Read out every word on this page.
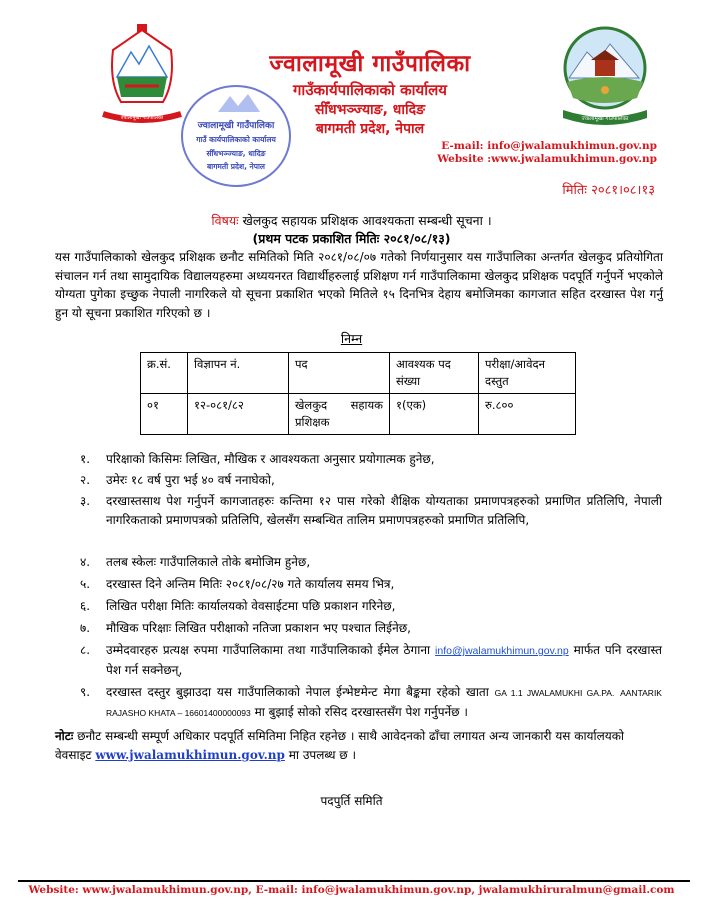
ज्वालामूखी गाउँपालिका
ज्वालामूखी गाउँपालिका
गाउँ कार्यपालिकाको कार्यालय
सीँधभञ्ज्याङ, धादिङ
बागमती प्रदेश, नेपाल
ज्वालामूखी गाउँपालिका
ज्वालामूखी गाउँपालिका
गाउँकार्यपालिकाको कार्यालय
सीँधभञ्ज्याङ, धादिङ
बागमती प्रदेश, नेपाल
E-mail: info@jwalamukhimun.gov.np
Website :www.jwalamukhimun.gov.np
मितिः २०८१।०८।१३
विषयः खेलकुद सहायक प्रशिक्षक आवश्यकता सम्बन्धी सूचना ।
(प्रथम पटक प्रकाशित मितिः २०८१/०८/१३)
यस गाउँपालिकाको खेलकुद प्रशिक्षक छनौट समितिको मिति २०८१/०८/०७ गतेको निर्णयानुसार यस गाउँपालिका अन्तर्गत खेलकुद प्रतियोगिता संचालन गर्न तथा सामुदायिक विद्यालयहरुमा अध्ययनरत विद्यार्थीहरुलाई प्रशिक्षण गर्न गाउँपालिकामा खेलकुद प्रशिक्षक पदपूर्ति गर्नुपर्ने भएकोले योग्यता पुगेका इच्छुक नेपाली नागरिकले यो सूचना प्रकाशित भएको मितिले १५ दिनभित्र देहाय बमोजिमका कागजात सहित दरखास्त पेश गर्नु हुन यो सूचना प्रकाशित गरिएको छ ।
निम्न
क्र.सं.	विज्ञापन नं.	पद	आवश्यक पद संख्या	परीक्षा/आवेदन दस्तुत
०१	१२-०८१/८२	खेलकुद सहायक प्रशिक्षक	१(एक)	रु.८००
१.	परिक्षाको किसिमः लिखित, मौखिक र आवश्यकता अनुसार प्रयोगात्मक हुनेछ,
२.	उमेरः १८ वर्ष पुरा भई ४० वर्ष ननाघेको,
३.	दरखास्तसाथ पेश गर्नुपर्ने कागजातहरुः कन्तिमा १२ पास गरेको शैक्षिक योग्यताका प्रमाणपत्रहरुको प्रमाणित प्रतिलिपि, नेपाली नागरिकताको प्रमाणपत्रको प्रतिलिपि, खेलसँग सम्बन्धित तालिम प्रमाणपत्रहरुको प्रमाणित प्रतिलिपि,
४.	तलब स्केलः गाउँपालिकाले तोके बमोजिम हुनेछ,
५.	दरखास्त दिने अन्तिम मितिः २०८१/०८/२७ गते कार्यालय समय भित्र,
६.	लिखित परीक्षा मितिः कार्यालयको वेवसाईटमा पछि प्रकाशन गरिनेछ,
७.	मौखिक परिक्षाः लिखित परीक्षाको नतिजा प्रकाशन भए पश्चात लिईनेछ,
८.	उम्मेदवारहरु प्रत्यक्ष रुपमा गाउँपालिकामा तथा गाउँपालिकाको ईमेल ठेगाना info@jwalamukhimun.gov.np मार्फत पनि दरखास्त पेश गर्न सक्नेछन्,
९.	दरखास्त दस्तुर बुझाउदा यस गाउँपालिकाको नेपाल ईन्भेष्टमेन्ट मेगा बैङ्कमा रहेको खाता GA 1.1 JWALAMUKHI GA.PA. AANTARIK RAJASHO KHATA – 16601400000093 मा बुझाई सोको रसिद दरखास्तसँग पेश गर्नुपर्नेछ ।
नोटः छनौट सम्बन्धी सम्पूर्ण अधिकार पदपूर्ति समितिमा निहित रहनेछ । साथै आवेदनको ढाँचा लगायत अन्य जानकारी यस कार्यालयको वेवसाइट www.jwalamukhimun.gov.np मा उपलब्ध छ ।
पदपुर्ति समिति
Website: www.jwalamukhimun.gov.np, E-mail: info@jwalamukhimun.gov.np, jwalamukhiruralmun@gmail.com
